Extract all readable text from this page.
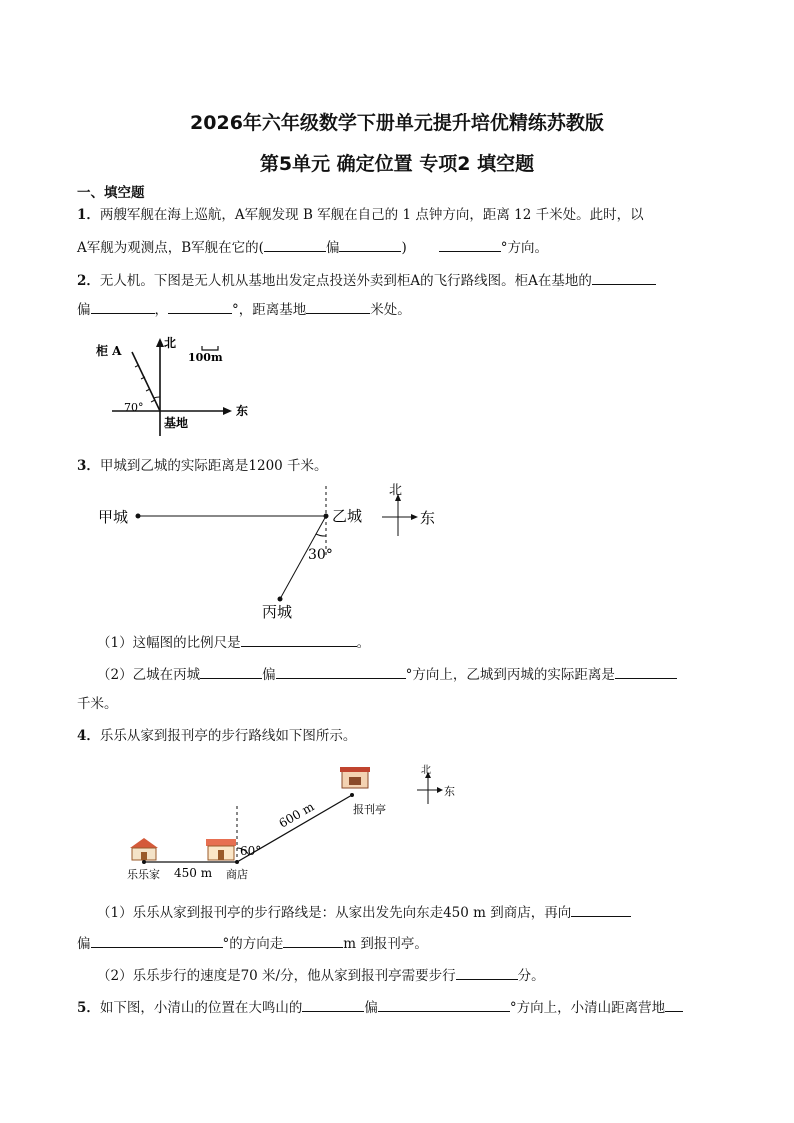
2026年六年级数学下册单元提升培优精练苏教版
第5单元 确定位置 专项2 填空题
一、填空题
1．两艘军舰在海上巡航，A军舰发现 B 军舰在自己的 1 点钟方向，距离 12 千米处。此时，以
A军舰为观测点，B军舰在它的(	偏	)	°方向。
2．无人机。下图是无人机从基地出发定点投送外卖到柜A的飞行路线图。柜A在基地的
偏	，	°，距离基地	米处。
柜 A
北
东
100m
70°
基地
3．甲城到乙城的实际距离是1200 千米。
甲城	乙城
丙城
30°
北
东
（1）这幅图的比例尺是	。
（2）乙城在丙城	偏	°方向上，乙城到丙城的实际距离是
千米。
4．乐乐从家到报刊亭的步行路线如下图所示。
60°
600 m	报刊亭
乐乐家 450 m 商店
北
东
（1）乐乐从家到报刊亭的步行路线是：从家出发先向东走450 m 到商店，再向
偏	°的方向走	m 到报刊亭。
（2）乐乐步行的速度是70 米/分，他从家到报刊亭需要步行	分。
5．如下图，小清山的位置在大鸣山的	偏	°方向上，小清山距离营地
